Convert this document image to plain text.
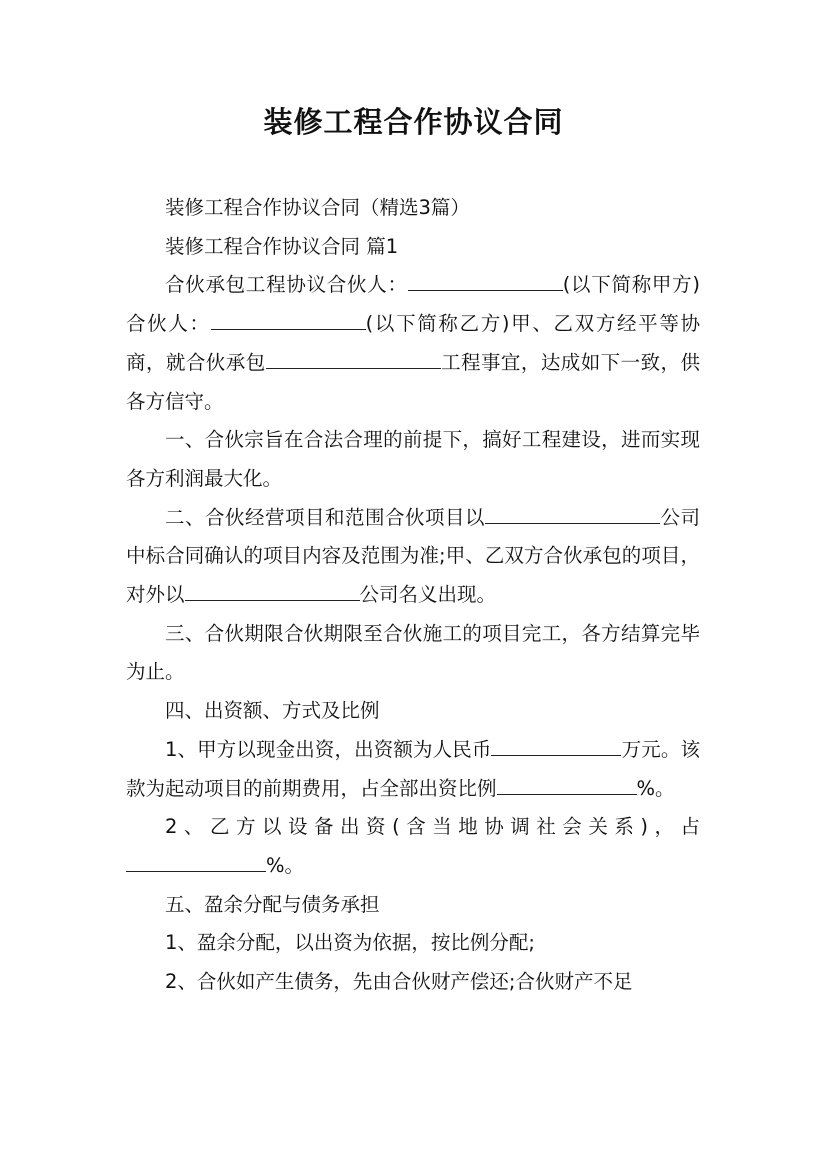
装修工程合作协议合同

装修工程合作协议合同（精选3篇）

装修工程合作协议合同 篇1

合伙承包工程协议合伙人：	(以下简称甲方)合伙人：	(以下简称乙方)甲、乙双方经平等协商，就合伙承包	工程事宜，达成如下一致，供各方信守。

一、合伙宗旨在合法合理的前提下，搞好工程建设，进而实现各方利润最大化。

二、合伙经营项目和范围合伙项目以	公司中标合同确认的项目内容及范围为准;甲、乙双方合伙承包的项目，对外以	公司名义出现。

三、合伙期限合伙期限至合伙施工的项目完工，各方结算完毕为止。

四、出资额、方式及比例

1、甲方以现金出资，出资额为人民币	万元。该款为起动项目的前期费用，占全部出资比例	%。

2、乙方以设备出资(含当地协调社会关系)，占%。

五、盈余分配与债务承担

1、盈余分配，以出资为依据，按比例分配;

2、合伙如产生债务，先由合伙财产偿还;合伙财产不足
